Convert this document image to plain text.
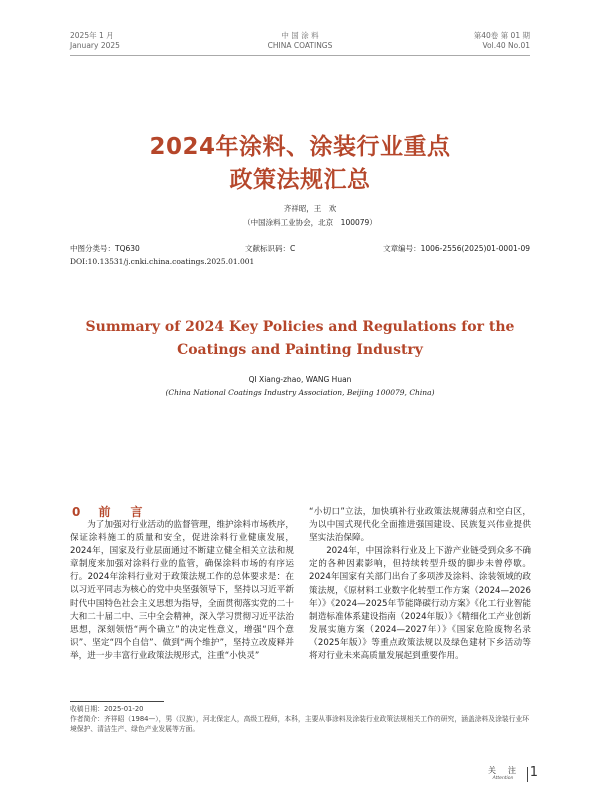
2025年 1 月
January 2025
中 国 涂 料
CHINA COATINGS
第40卷 第 01 期
Vol.40 No.01
2024年涂料、涂装行业重点
政策法规汇总
齐祥昭，王　欢
（中国涂料工业协会，北京　100079）
中图分类号：TQ630	文献标识码：C	文章编号：1006-2556(2025)01-0001-09
DOI:10.13531/j.cnki.china.coatings.2025.01.001
Summary of 2024 Key Policies and Regulations for the
Coatings and Painting Industry
QI Xiang-zhao, WANG Huan
(China National Coatings Industry Association, Beijing 100079, China)
0 前　言

为了加强对行业活动的监督管理，维护涂料市场秩序，保证涂料施工的质量和安全，促进涂料行业健康发展，2024年，国家及行业层面通过不断建立健全相关立法和规章制度来加强对涂料行业的监管，确保涂料市场的有序运行。2024年涂料行业对于政策法规工作的总体要求是：在以习近平同志为核心的党中央坚强领导下，坚持以习近平新时代中国特色社会主义思想为指导，全面贯彻落实党的二十大和二十届二中、三中全会精神，深入学习贯彻习近平法治思想，深刻领悟“两个确立”的决定性意义，增强“四个意识”、坚定“四个自信”、做到“两个维护”，坚持立改废释并举，进一步丰富行业政策法规形式，注重“小快灵”

“小切口”立法，加快填补行业政策法规薄弱点和空白区，为以中国式现代化全面推进强国建设、民族复兴伟业提供坚实法治保障。

2024年，中国涂料行业及上下游产业链受到众多不确定的各种因素影响，但持续转型升级的脚步未曾停歇。2024年国家有关部门出台了多项涉及涂料、涂装领域的政策法规，《原材料工业数字化转型工作方案（2024—2026年）》《2024—2025年节能降碳行动方案》《化工行业智能制造标准体系建设指南（2024年版）》《精细化工产业创新发展实施方案（2024—2027年）》《国家危险废物名录（2025年版）》等重点政策法规以及绿色建材下乡活动等将对行业未来高质量发展起到重要作用。

收稿日期：2025-01-20
作者简介：齐祥昭（1984—），男（汉族），河北保定人，高级工程师，本科，主要从事涂料及涂装行业政策法规相关工作的研究，涵盖涂料及涂装行业环境保护、清洁生产、绿色产业发展等方面。
关　注
Attention	1
